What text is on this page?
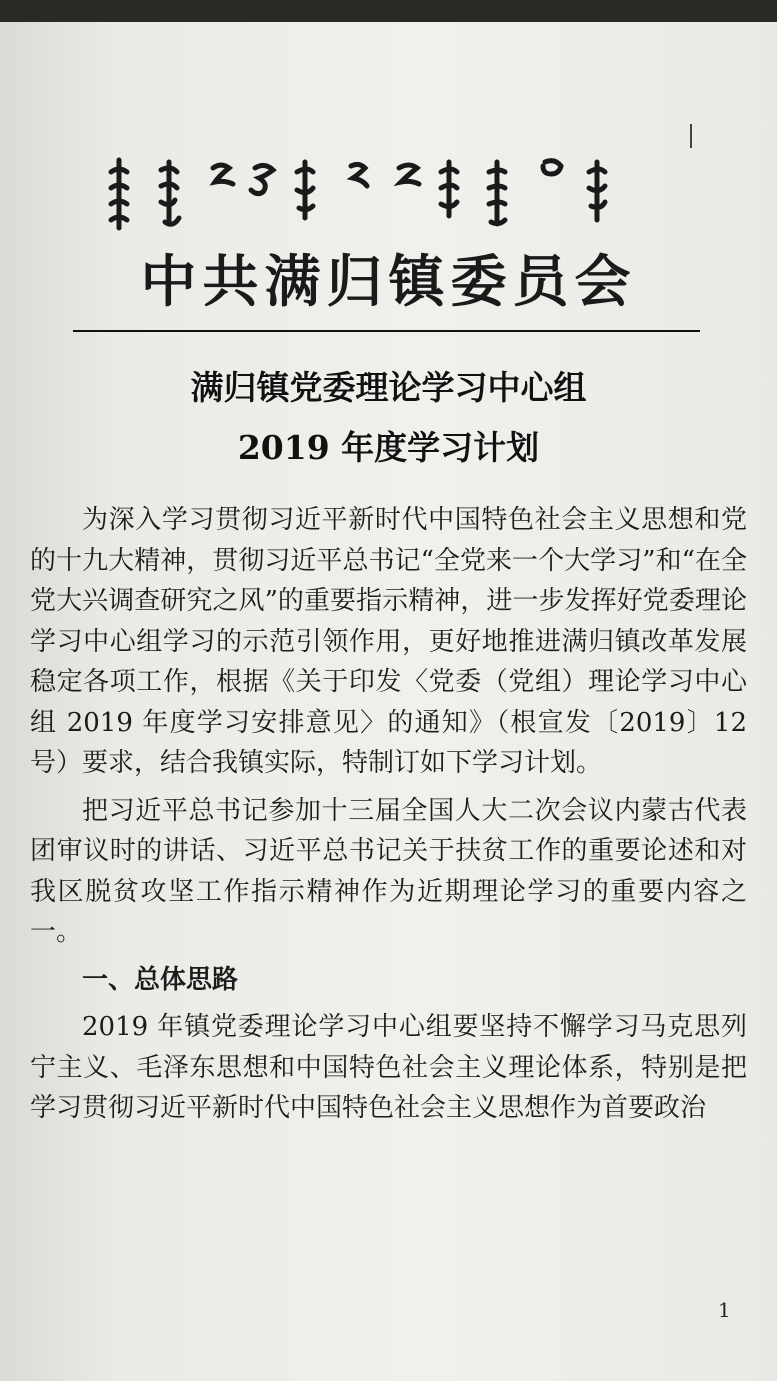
中共满归镇委员会
满归镇党委理论学习中心组
2019 年度学习计划

为深入学习贯彻习近平新时代中国特色社会主义思想和党的十九大精神，贯彻习近平总书记“全党来一个大学习”和“在全党大兴调查研究之风”的重要指示精神，进一步发挥好党委理论学习中心组学习的示范引领作用，更好地推进满归镇改革发展稳定各项工作，根据《关于印发〈党委（党组）理论学习中心组 2019 年度学习安排意见〉的通知》（根宣发〔2019〕12 号）要求，结合我镇实际，特制订如下学习计划。

把习近平总书记参加十三届全国人大二次会议内蒙古代表团审议时的讲话、习近平总书记关于扶贫工作的重要论述和对我区脱贫攻坚工作指示精神作为近期理论学习的重要内容之一。

一、总体思路

2019 年镇党委理论学习中心组要坚持不懈学习马克思列宁主义、毛泽东思想和中国特色社会主义理论体系，特别是把学习贯彻习近平新时代中国特色社会主义思想作为首要政治

1
